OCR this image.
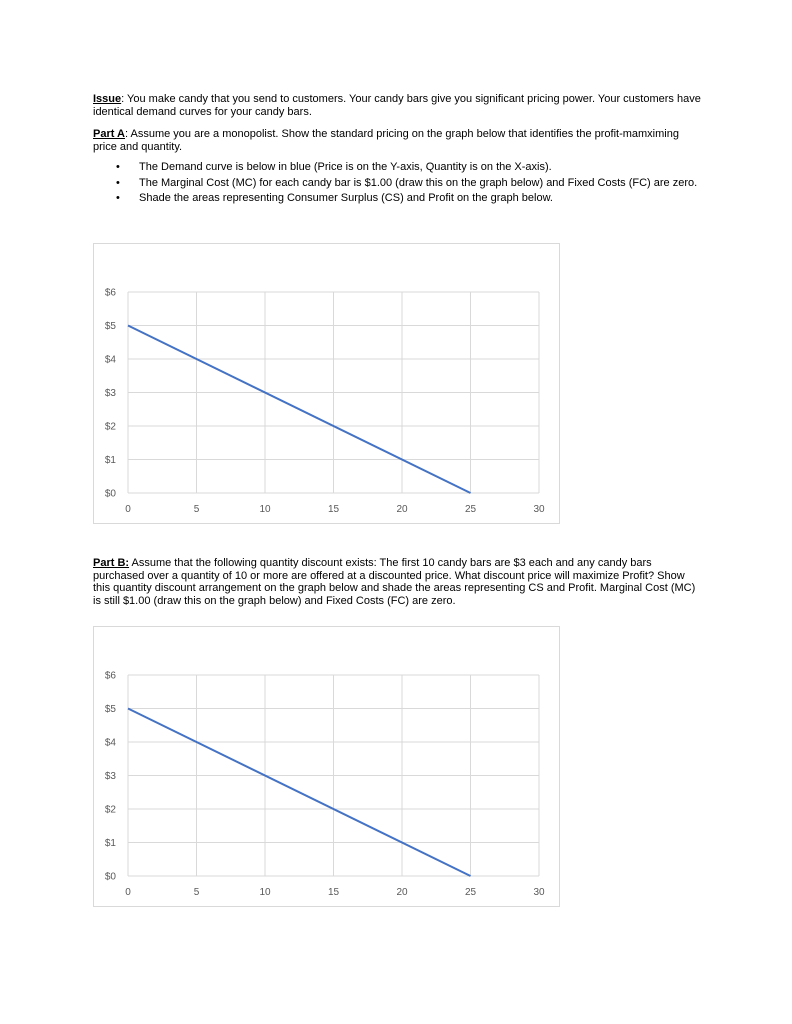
Issue: You make candy that you send to customers. Your candy bars give you significant pricing power. Your customers have identical demand curves for your candy bars.

Part A: Assume you are a monopolist. Show the standard pricing on the graph below that identifies the profit-mamximing price and quantity.

• The Demand curve is below in blue (Price is on the Y-axis, Quantity is on the X-axis).
• The Marginal Cost (MC) for each candy bar is $1.00 (draw this on the graph below) and Fixed Costs (FC) are zero.
• Shade the areas representing Consumer Surplus (CS) and Profit on the graph below.
$0
$1
$2
$3
$4
$5
$6
0	5	10	15	20	25	30

Part B: Assume that the following quantity discount exists: The first 10 candy bars are $3 each and any candy bars purchased over a quantity of 10 or more are offered at a discounted price. What discount price will maximize Profit? Show this quantity discount arrangement on the graph below and shade the areas representing CS and Profit. Marginal Cost (MC) is still $1.00 (draw this on the graph below) and Fixed Costs (FC) are zero.

$0
$1
$2
$3
$4
$5
$6
0	5	10	15	20	25	30
